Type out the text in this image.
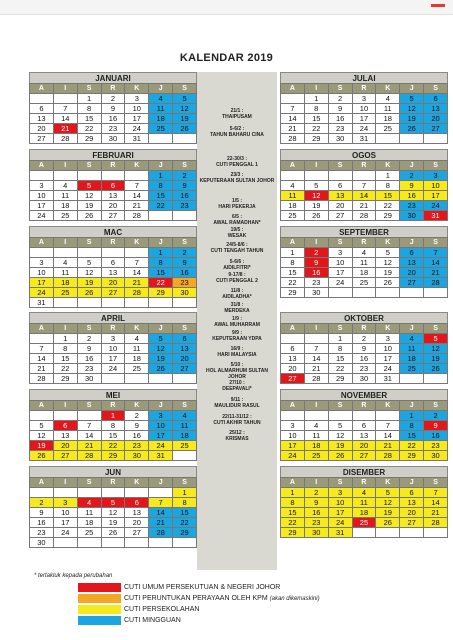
KALENDAR 2019
JANUARI
A	I	S	R	K	J	S
		1	2	3	4	5
6	7	8	9	10	11	12
13	14	15	16	17	18	19
20	21	22	23	24	25	26
27	28	29	30	31		
FEBRUARI
A	I	S	R	K	J	S
					1	2
3	4	5	6	7	8	9
10	11	12	13	14	15	16
17	18	19	20	21	22	23
24	25	26	27	28		
MAC
A	I	S	R	K	J	S
					1	2
3	4	5	6	7	8	9
10	11	12	13	14	15	16
17	18	19	20	21	22	23
24	25	26	27	28	29	30
31						
APRIL
A	I	S	R	K	J	S
	1	2	3	4	5	6
7	8	9	10	11	12	13
14	15	16	17	18	19	20
21	22	23	24	25	26	27
28	29	30				
MEI
A	I	S	R	K	J	S
			1	2	3	4
5	6	7	8	9	10	11
12	13	14	15	16	17	18
19	20	21	22	23	24	25
26	27	28	29	30	31	
JUN
A	I	S	R	K	J	S
						1
2	3	4	5	6	7	8
9	10	11	12	13	14	15
16	17	18	19	20	21	22
23	24	25	26	27	28	29
30						
JULAI
A	I	S	R	K	J	S
	1	2	3	4	5	6
7	8	9	10	11	12	13
14	15	16	17	18	19	20
21	22	23	24	25	26	27
28	29	30	31			
OGOS
A	I	S	R	K	J	S
				1	2	3
4	5	6	7	8	9	10
11	12	13	14	15	16	17
18	19	20	21	22	23	24
25	26	27	28	29	30	31
SEPTEMBER
A	I	S	R	K	J	S
1	2	3	4	5	6	7
8	9	10	11	12	13	14
15	16	17	18	19	20	21
22	23	24	25	26	27	28
29	30					
OKTOBER
A	I	S	R	K	J	S
		1	2	3	4	5
6	7	8	9	10	11	12
13	14	15	16	17	18	19
20	21	22	23	24	25	26
27	28	29	30	31		
NOVEMBER
A	I	S	R	K	J	S
					1	2
3	4	5	6	7	8	9
10	11	12	13	14	15	16
17	18	19	20	21	22	23
24	25	26	27	28	29	30
DISEMBER
A	I	S	R	K	J	S
1	2	3	4	5	6	7
8	9	10	11	12	13	14
15	16	17	18	19	20	21
22	23	24	25	26	27	28
29	30	31				
21/1 :
THAIPUSAM
5-6/2 :
TAHUN BAHARU CINA
22-30/3 :
CUTI PENGGAL 1
23/3 :
KEPUTERAAN SULTAN JOHOR
1/5 :
HARI PEKERJA
6/5 :
AWAL RAMADHAN*
19/5 :
WESAK
24/5-8/6 :
CUTI TENGAH TAHUN
5-6/6 :
AIDILFITRI*
9-17/8 :
CUTI PENGGAL 2
11/8 :
AIDILADHA*
31/8 :
MERDEKA
1/9 :
AWAL MUHARRAM
9/9 :
KEPUTERAAN YDPA
16/9 :
HARI MALAYSIA
5/10 :
HOL ALMARHUM SULTAN JOHOR
27/10 :
DEEPAVALI*
9/11 :
MAULIDUR RASUL
22/11-31/12 :
CUTI AKHIR TAHUN
25/12 :
KRISMAS
* tertakluk kepada perubahan
CUTI UMUM PERSEKUTUAN & NEGERI JOHOR
CUTI PERUNTUKAN PERAYAAN OLEH KPM (akan dikemaskini)
CUTI PERSEKOLAHAN
CUTI MINGGUAN
